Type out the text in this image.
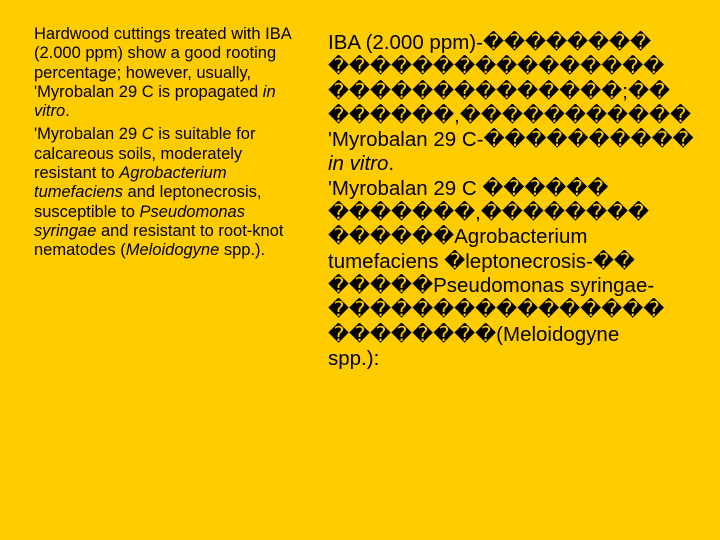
Hardwood cuttings treated with IBA (2.000 ppm) show a good rooting percentage; however, usually, 'Myrobalan 29 C is propagated in vitro.

'Myrobalan 29 C is suitable for calcareous soils, moderately resistant to Agrobacterium tumefaciens and leptonecrosis, susceptible to Pseudomonas syringae and resistant to root-knot nematodes (Meloidogyne spp.).

IBA (2.000 ppm)-��������
����������������
��������������;��
������,�����������
'Myrobalan 29 C-����������
in vitro.
'Myrobalan 29 C ������
�������,��������
������Agrobacterium
tumefaciens �leptonecrosis-��
�����Pseudomonas syringae-
����������������
��������(Meloidogyne
spp.):
